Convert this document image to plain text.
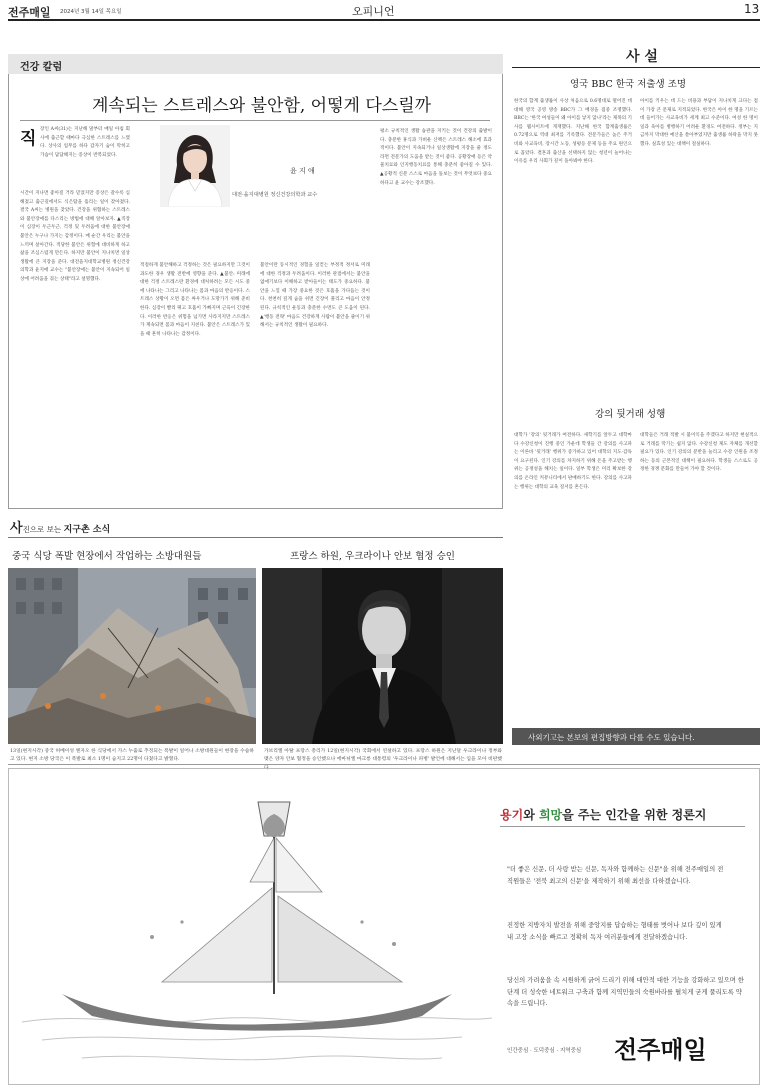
전주매일 2024년 3월 14일 목요일	오피니언	13
건강 칼럼
계속되는 스트레스와 불안함, 어떻게 다스릴까
직 장인 A씨(31)는 지난해 말부터 매일 아침 회사에 출근할 때마다 극심한 스트레스를 느꼈다. 상사의 업무를 하다 갑자기 숨이 막히고 가슴이 답답해지는 증상이 반복되었다.
윤 지 애
대전·을지대병원 정신건강의학과 교수
시간이 지나면 좋아질 거라 믿었지만 증상은 갈수록 심해졌고 출근길에서도 식은땀을 흘리는 일이 잦아졌다. 결국 A씨는 병원을 찾았다. 건강을 위협하는 스트레스와 불안장애를 다스리는 방법에 대해 알아보자. ▲직장이 심장이 두근두근, 걱정 및 두려움에 대한 불안장애 불안은 누구나 가지는 감정이다. 매 순간 우리는 불안을 느끼며 살아간다. 적당한 불안은 위험에 대비하게 하고 삶을 조심스럽게 만든다. 하지만 불안이 지나치면 일상생활에 큰 지장을 준다. 대전을지대학교병원 정신건강의학과 윤지애 교수는 "불안장애는 불안이 지속되어 일상에 어려움을 겪는 상태"라고 설명했다.
적절하게 불안해하고 걱정하는 것은 필요하지만 그것이 과도한 경우 생활 전반에 영향을 준다. ▲불안: 미래에 대한 걱정 스트레스란 환경에 대처하려는 모든 시도 중에 나타나는 그리고 나타나는 몸과 마음의 반응이다. 스트레스 상황이 오면 몸은 싸우거나 도망가기 위해 준비한다. 심장이 빨리 뛰고 호흡이 가빠지며 근육이 긴장한다. 이러한 반응은 위험을 넘기면 사라지지만 스트레스가 계속되면 몸과 마음이 지친다. 불안은 스트레스가 있을 때 흔히 나타나는 감정이다.
불안이란 동시적인 경험을 일컫는 부정적 정서로 미래에 대한 걱정과 두려움이다. 이러한 관점에서는 불안을 없애기보다 이해하고 받아들이는 태도가 중요하다. 불안을 느낄 때 가장 중요한 것은 호흡을 가다듬는 것이다. 천천히 깊게 숨을 쉬면 긴장이 풀리고 마음이 안정된다. 규칙적인 운동과 충분한 수면도 큰 도움이 된다. ▲'행동 전략' 마음도 건강하게 사람이 불안을 줄이기 위해서는 규칙적인 생활이 필요하다.
평소 규칙적인 생활 습관을 지키는 것이 건강의 출발이다. 충분한 휴식과 가벼운 산책은 스트레스 해소에 효과적이다. 불안이 지속되거나 일상생활에 지장을 줄 정도라면 전문가의 도움을 받는 것이 좋다. 공황장애 등은 약물치료와 인지행동치료를 통해 충분히 좋아질 수 있다. ▲공황적 신분 스스로 마음을 돌보는 것이 무엇보다 중요하다고 윤 교수는 강조했다.
사 설
영국 BBC 한국 저출생 조명
한국의 합계 출생률이 사상 처음으로 0.6명대로 떨어진 데 대해 영국 공영 방송 BBC가 그 배경을 집중 조명했다. BBC는 '한국 여성들이 왜 아이를 낳지 않나'라는 제목의 기사를 웹사이트에 게재했다. 지난해 한국 합계출생률은 0.72명으로 역대 최저를 기록했다. 전문가들은 높은 주거비와 사교육비, 장시간 노동, 성평등 문제 등을 주요 원인으로 꼽았다. 결혼과 출산을 선택하지 않는 청년이 늘어나는 이유를 우리 사회가 깊이 돌아봐야 한다.
아이를 키우는 데 드는 비용과 부담이 지나치게 크다는 점이 가장 큰 문제로 지적되었다. 한국은 아이 한 명을 기르는 데 들어가는 사교육비가 세계 최고 수준이다. 여성 한 명이 일과 육아를 병행하기 어려운 환경도 여전하다. 정부는 지금까지 막대한 예산을 쏟아부었지만 출생률 하락을 막지 못했다. 실효성 있는 대책이 절실하다.
강의 뒷거래 성행
대학가 '강의' 뒷거래가 여전하다. 새학기를 앞두고 대학마다 수강신청이 진행 중인 가운데 학생들 간 강의를 사고파는 이른바 '뒷거래' 행위가 증가하고 있어 대학의 지도·감독이 요구된다. 인기 강의를 차지하기 위해 돈을 주고받는 행위는 공정성을 해치는 일이다. 일부 학생은 미리 확보한 강의를 온라인 커뮤니티에서 판매하기도 한다. 강의를 사고파는 행위는 대학의 교육 질서를 흔든다.
대학들은 거래 적발 시 불이익을 주겠다고 하지만 현실적으로 거래를 막기는 쉽지 않다. 수강신청 제도 자체를 개선할 필요가 있다. 인기 강의의 분반을 늘리고 수강 인원을 조정하는 등의 근본적인 대책이 필요하다. 학생들 스스로도 공정한 경쟁 문화를 만들어 가야 할 것이다.
사진으로 보는 지구촌 소식
중국 식당 폭발 현장에서 작업하는 소방대원들	프랑스 하원, 우크라이나 안보 협정 승인
13일(현지시각) 중국 허베이성 옌자오 한 식당에서 가스 누출로 추정되는 폭발이 일어나 소방대원들이 현장을 수습하고 있다. 현지 소방 당국은 이 폭발로 최소 1명이 숨지고 22명이 다쳤다고 밝혔다.
가브리엘 아탈 프랑스 총리가 12일(현지시각) 국회에서 연설하고 있다. 프랑스 하원은 지난달 우크라이나 정부와 맺은 양자 안보 협정을 승인했으나 에마뉘엘 마크롱 대통령의 '우크라이나 파병' 발언에 대해서는 입을 모아 비판했다.
사외기고는 본보의 편집방향과 다를 수도 있습니다.
용기와 희망을 주는 인간을 위한 정론지
"더 좋은 신문, 더 사랑 받는 신문, 독자와 함께하는 신문"을 위해 전주매일의 전 직원들은 '전북 최고의 신문'을 제작하기 위해 최선을 다하겠습니다.
진정한 지방자치 발전을 위해 중앙지를 답습하는 형태를 벗어나 보다 깊이 있게 내 고장 소식을 빠르고 정확히 독자 여러분들에게 전달하겠습니다.
당신의 가려움을 속 시원하게 긁어 드리기 위해 대안적 대한 기능을 강화하고 있으며 한 단계 더 성숙한 네트워크 구축과 함께 지역민들의 숙원바라를 펼치게 굳게 풀리도록 약속을 드립니다.
인간중심 · 도덕중심 · 지역중심 전주매일
